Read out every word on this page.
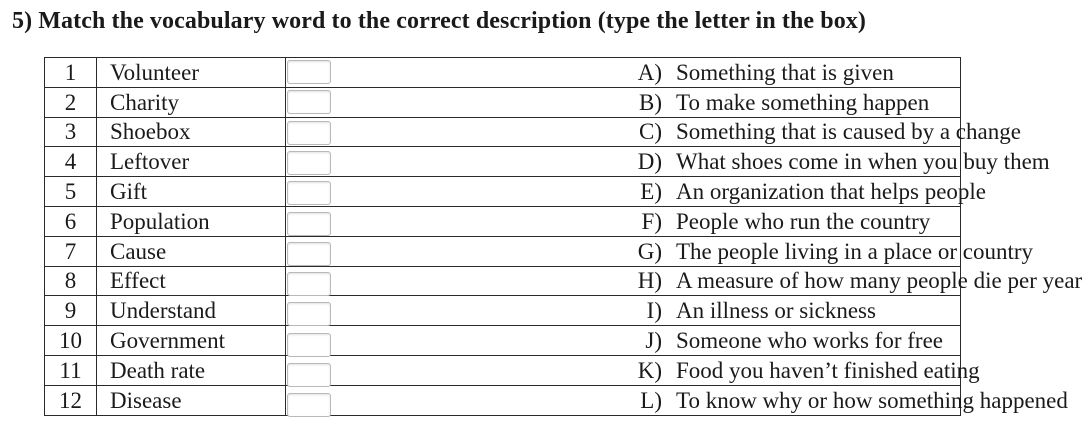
5) Match the vocabulary word to the correct description (type the letter in the box)
1	Volunteer	A) Something that is given
2	Charity	B) To make something happen
3	Shoebox	C) Something that is caused by a change
4	Leftover	D) What shoes come in when you buy them
5	Gift	E) An organization that helps people
6	Population	F) People who run the country
7	Cause	G) The people living in a place or country
8	Effect	H) A measure of how many people die per year
9	Understand	I) An illness or sickness
10	Government	J) Someone who works for free
11	Death rate	K) Food you haven’t finished eating
12	Disease	L) To know why or how something happened
